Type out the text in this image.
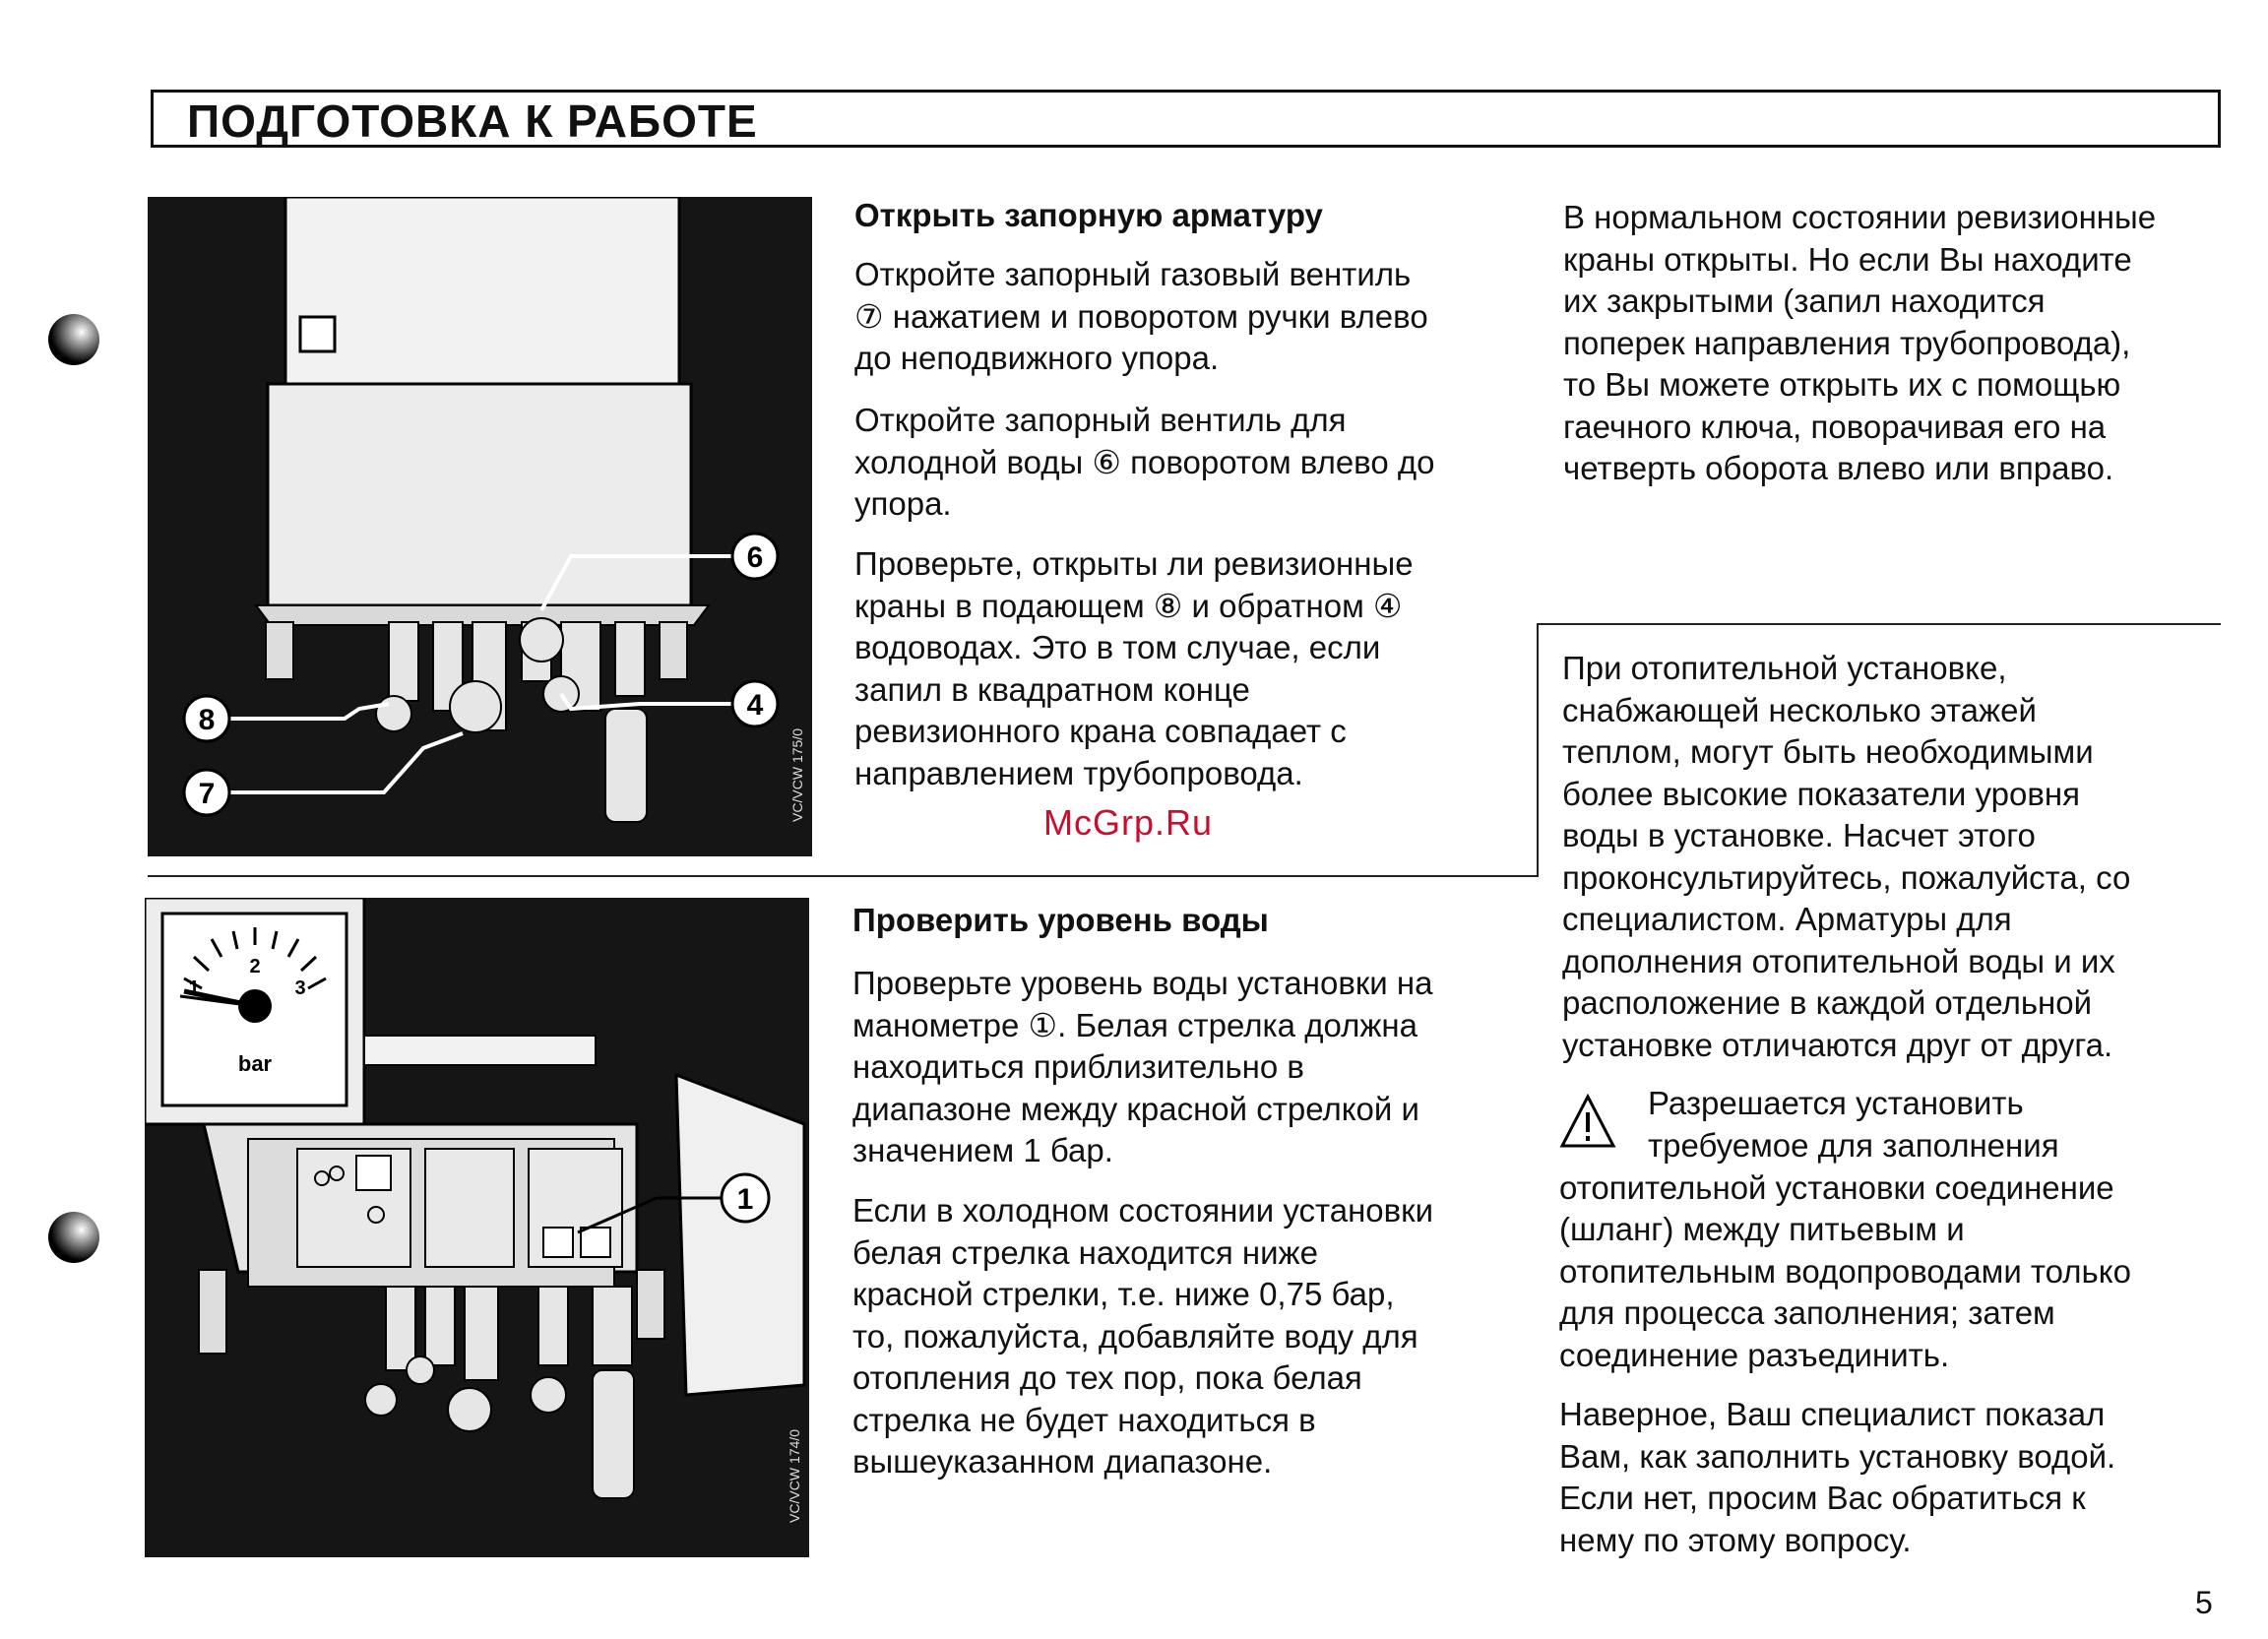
ПОДГОТОВКА К РАБОТЕ
6
4
8
7	VC/VCW 175/0
1
2
3
bar
1
VC/VCW 174/0
Открыть запорную арматуру

Откройте запорный газовый вентиль

⑦ нажатием и поворотом ручки влево

до неподвижного упора.

Откройте запорный вентиль для

холодной воды ⑥ поворотом влево до

упора.

Проверьте, открыты ли ревизионные

краны в подающем ⑧ и обратном ④

водоводах. Это в том случае, если

запил в квадратном конце

ревизионного крана совпадает с

направлением трубопровода.

McGrp.Ru

В нормальном состоянии ревизионные

краны открыты. Но если Вы находите

их закрытыми (запил находится

поперек направления трубопровода),

то Вы можете открыть их с помощью

гаечного ключа, поворачивая его на

четверть оборота влево или вправо.

При отопительной установке,

снабжающей несколько этажей

теплом, могут быть необходимыми

более высокие показатели уровня

воды в установке. Насчет этого

проконсультируйтесь, пожалуйста, со

специалистом. Арматуры для

дополнения отопительной воды и их

расположение в каждой отдельной

установке отличаются друг от друга.

Разрешается установить

требуемое для заполнения

отопительной установки соединение

(шланг) между питьевым и

отопительным водопроводами только

для процесса заполнения; затем

соединение разъединить.

Наверное, Ваш специалист показал

Вам, как заполнить установку водой.

Если нет, просим Вас обратиться к

нему по этому вопросу.

Проверить уровень воды

Проверьте уровень воды установки на

манометре ①. Белая стрелка должна

находиться приблизительно в

диапазоне между красной стрелкой и

значением 1 бар.

Если в холодном состоянии установки

белая стрелка находится ниже

красной стрелки, т.е. ниже 0,75 бар,

то, пожалуйста, добавляйте воду для

отопления до тех пор, пока белая

стрелка не будет находиться в

вышеуказанном диапазоне.

5
